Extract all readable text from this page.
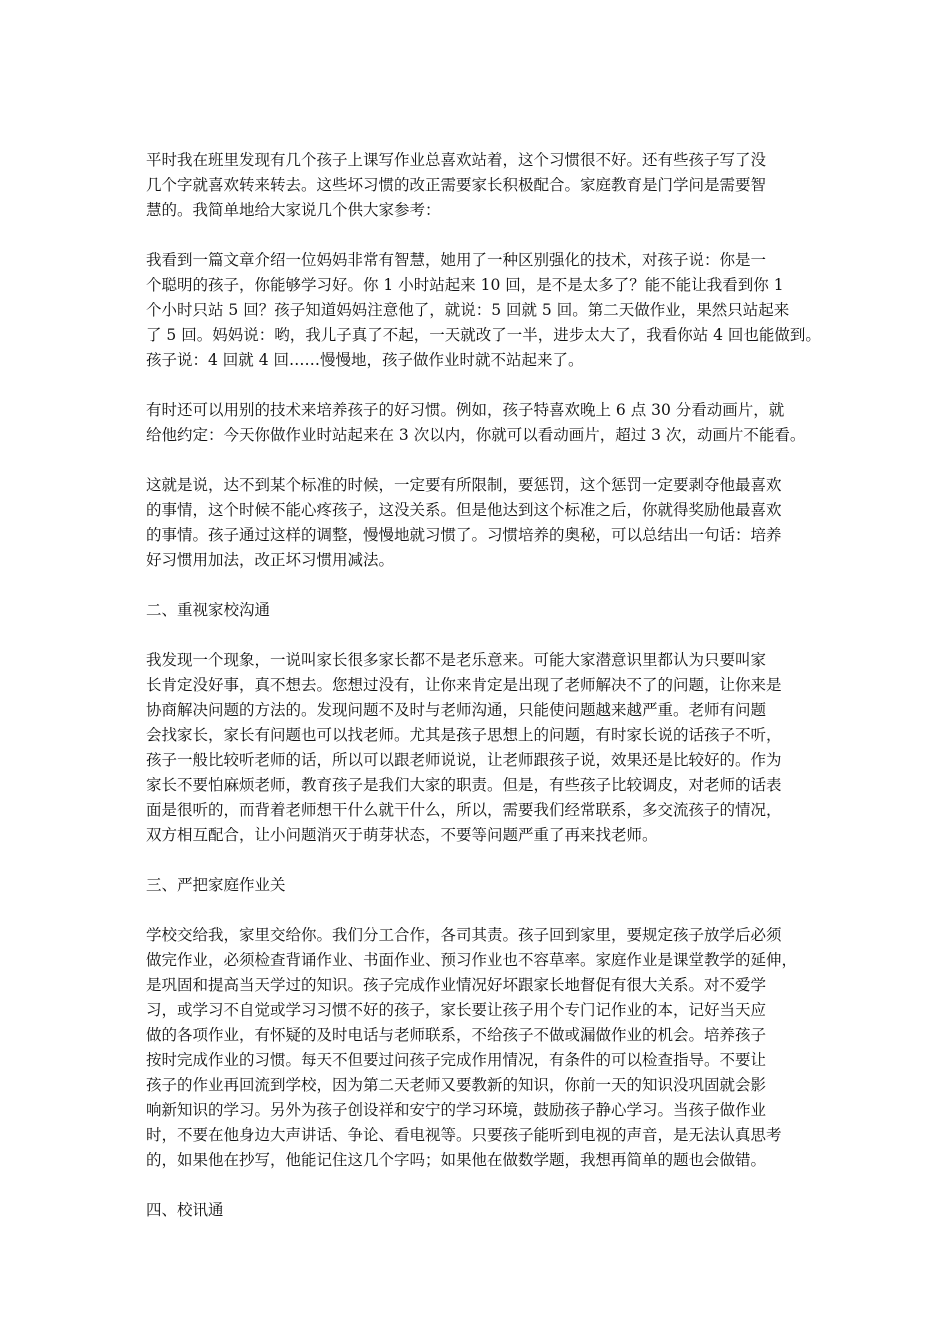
平时我在班里发现有几个孩子上课写作业总喜欢站着，这个习惯很不好。还有些孩子写了没
几个字就喜欢转来转去。这些坏习惯的改正需要家长积极配合。家庭教育是门学问是需要智
慧的。我简单地给大家说几个供大家参考：
我看到一篇文章介绍一位妈妈非常有智慧，她用了一种区别强化的技术，对孩子说：你是一
个聪明的孩子，你能够学习好。你 1 小时站起来 10 回，是不是太多了？能不能让我看到你 1
个小时只站 5 回？孩子知道妈妈注意他了，就说：5 回就 5 回。第二天做作业，果然只站起来
了 5 回。妈妈说：哟，我儿子真了不起，一天就改了一半，进步太大了，我看你站 4 回也能做到。
孩子说：4 回就 4 回……慢慢地，孩子做作业时就不站起来了。
有时还可以用别的技术来培养孩子的好习惯。例如，孩子特喜欢晚上 6 点 30 分看动画片，就
给他约定：今天你做作业时站起来在 3 次以内，你就可以看动画片，超过 3 次，动画片不能看。
这就是说，达不到某个标准的时候，一定要有所限制，要惩罚，这个惩罚一定要剥夺他最喜欢
的事情，这个时候不能心疼孩子，这没关系。但是他达到这个标准之后，你就得奖励他最喜欢
的事情。孩子通过这样的调整，慢慢地就习惯了。习惯培养的奥秘，可以总结出一句话：培养
好习惯用加法，改正坏习惯用减法。
二、重视家校沟通
我发现一个现象，一说叫家长很多家长都不是老乐意来。可能大家潜意识里都认为只要叫家
长肯定没好事，真不想去。您想过没有，让你来肯定是出现了老师解决不了的问题，让你来是
协商解决问题的方法的。发现问题不及时与老师沟通，只能使问题越来越严重。老师有问题
会找家长，家长有问题也可以找老师。尤其是孩子思想上的问题，有时家长说的话孩子不听，
孩子一般比较听老师的话，所以可以跟老师说说，让老师跟孩子说，效果还是比较好的。作为
家长不要怕麻烦老师，教育孩子是我们大家的职责。但是，有些孩子比较调皮，对老师的话表
面是很听的，而背着老师想干什么就干什么，所以，需要我们经常联系，多交流孩子的情况，
双方相互配合，让小问题消灭于萌芽状态，不要等问题严重了再来找老师。
三、严把家庭作业关
学校交给我，家里交给你。我们分工合作，各司其责。孩子回到家里，要规定孩子放学后必须
做完作业，必须检查背诵作业、书面作业、预习作业也不容草率。家庭作业是课堂教学的延伸，
是巩固和提高当天学过的知识。孩子完成作业情况好坏跟家长地督促有很大关系。对不爱学
习，或学习不自觉或学习习惯不好的孩子，家长要让孩子用个专门记作业的本，记好当天应
做的各项作业，有怀疑的及时电话与老师联系，不给孩子不做或漏做作业的机会。培养孩子
按时完成作业的习惯。每天不但要过问孩子完成作用情况，有条件的可以检查指导。不要让
孩子的作业再回流到学校，因为第二天老师又要教新的知识，你前一天的知识没巩固就会影
响新知识的学习。另外为孩子创设祥和安宁的学习环境，鼓励孩子静心学习。当孩子做作业
时，不要在他身边大声讲话、争论、看电视等。只要孩子能听到电视的声音，是无法认真思考
的，如果他在抄写，他能记住这几个字吗；如果他在做数学题，我想再简单的题也会做错。
四、校讯通
